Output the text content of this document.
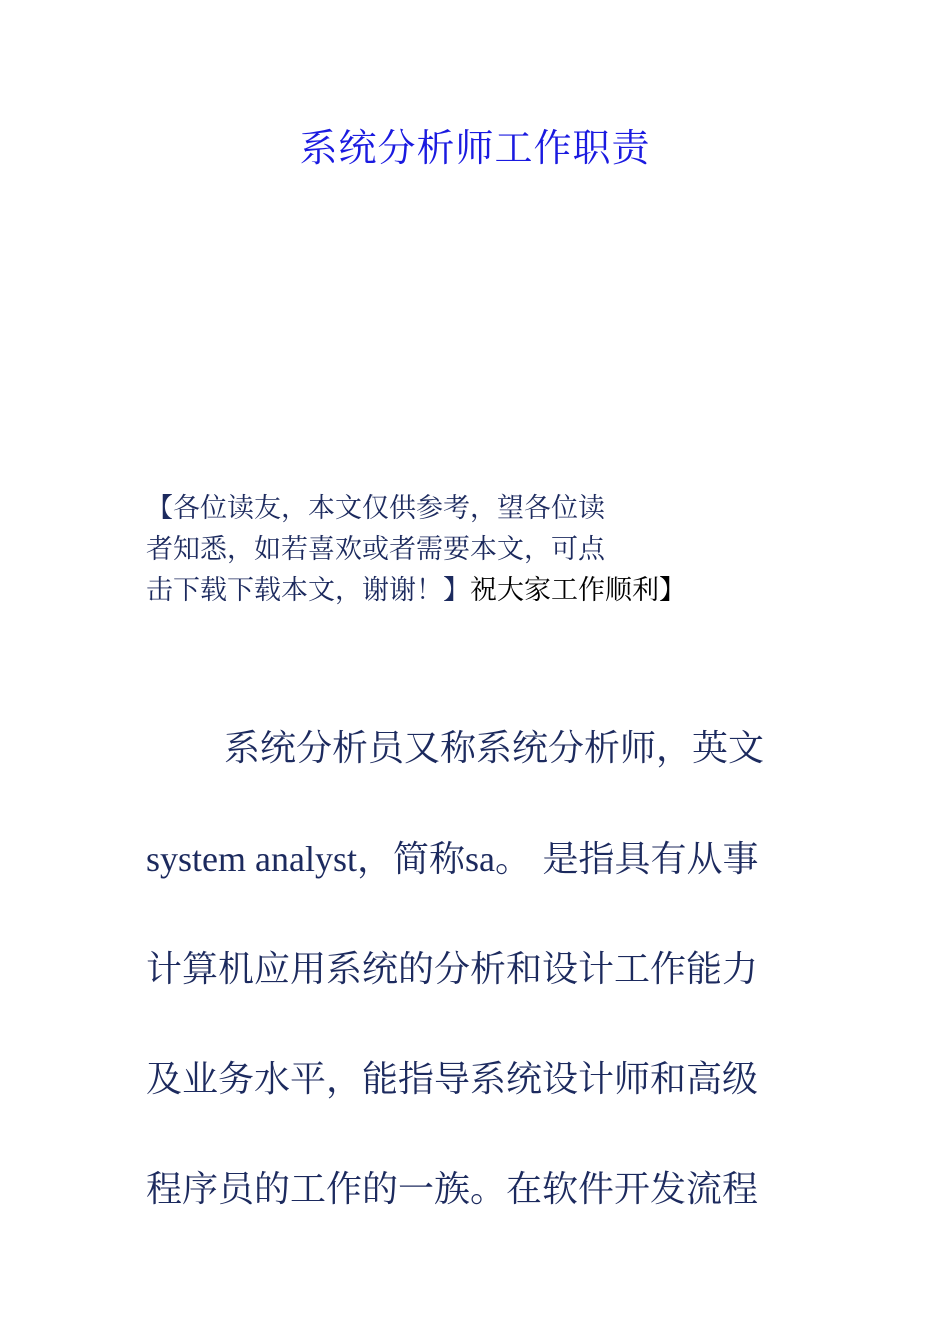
系统分析师工作职责
【各位读友，本文仅供参考，望各位读
者知悉，如若喜欢或者需要本文，可点
击下载下载本文，谢谢！】祝大家工作顺利】
系统分析员又称系统分析师，英文
system analyst，简称sa。 是指具有从事
计算机应用系统的分析和设计工作能力
及业务水平，能指导系统设计师和高级
程序员的工作的一族。在软件开发流程
